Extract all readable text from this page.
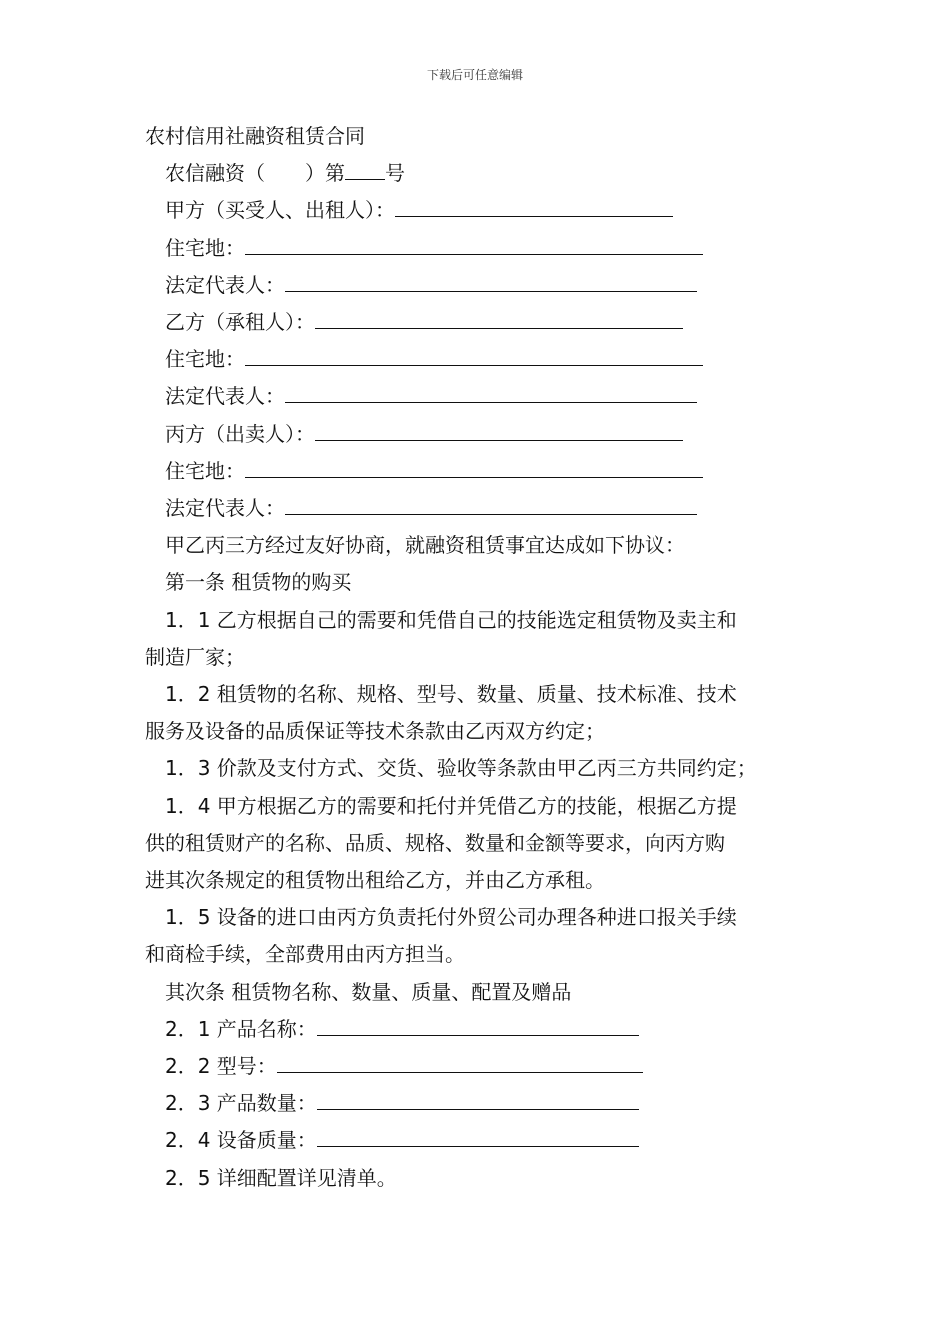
下载后可任意编辑
农村信用社融资租赁合同
农信融资（　　）第 号
甲方（买受人、出租人）：
住宅地：
法定代表人：
乙方（承租人）：
住宅地：
法定代表人：
丙方（出卖人）：
住宅地：
法定代表人：
甲乙丙三方经过友好协商，就融资租赁事宜达成如下协议：
第一条 租赁物的购买
1．1 乙方根据自己的需要和凭借自己的技能选定租赁物及卖主和
制造厂家；
1．2 租赁物的名称、规格、型号、数量、质量、技术标准、技术
服务及设备的品质保证等技术条款由乙丙双方约定；
1．3 价款及支付方式、交货、验收等条款由甲乙丙三方共同约定；
1．4 甲方根据乙方的需要和托付并凭借乙方的技能，根据乙方提
供的租赁财产的名称、品质、规格、数量和金额等要求，向丙方购
进其次条规定的租赁物出租给乙方，并由乙方承租。
1．5 设备的进口由丙方负责托付外贸公司办理各种进口报关手续
和商检手续，全部费用由丙方担当。
其次条 租赁物名称、数量、质量、配置及赠品
2．1 产品名称：
2．2 型号：
2．3 产品数量：
2．4 设备质量：
2．5 详细配置详见清单。
